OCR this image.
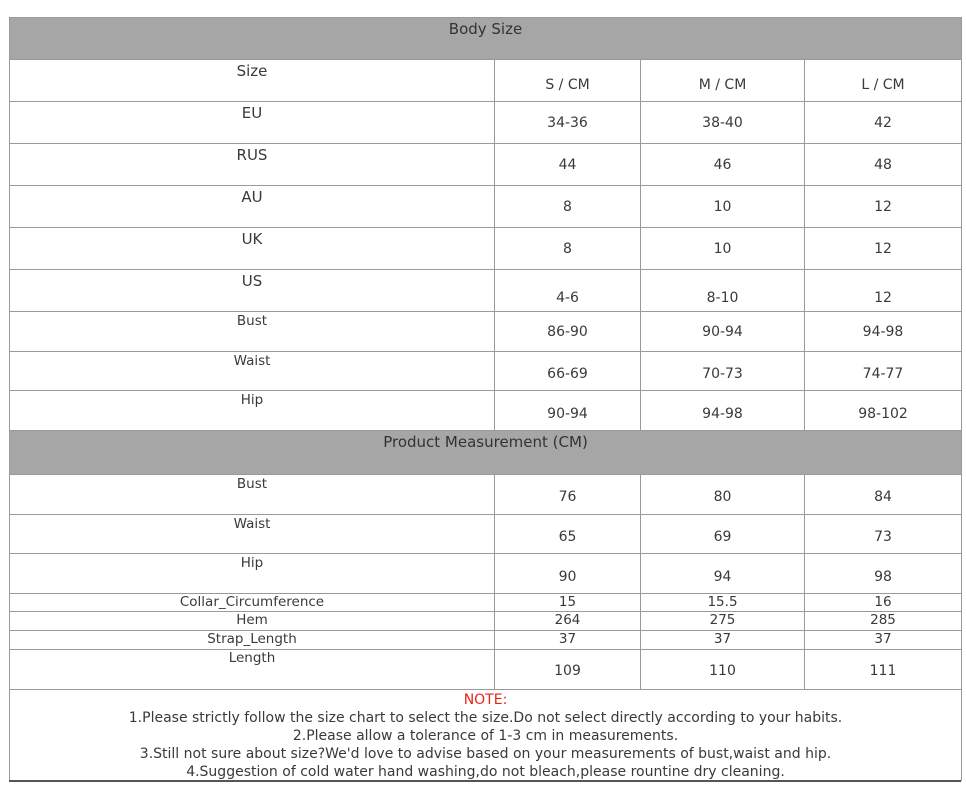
Body Size			
Size	S / CM	M / CM	L / CM
EU	34-36	38-40	42
RUS	44	46	48
AU	8	10	12
UK	8	10	12
US	4-6	8-10	12
Bust	86-90	90-94	94-98
Waist	66-69	70-73	74-77
Hip	90-94	94-98	98-102
Product Measurement (CM)			
Bust	76	80	84
Waist	65	69	73
Hip	90	94	98
Collar_Circumference	15	15.5	16
Hem	264	275	285
Strap_Length	37	37	37
Length	109	110	111

NOTE:
1.Please strictly follow the size chart to select the size.Do not select directly according to your habits.
2.Please allow a tolerance of 1-3 cm in measurements.
3.Still not sure about size?We'd love to advise based on your measurements of bust,waist and hip.
4.Suggestion of cold water hand washing,do not bleach,please rountine dry cleaning.			
